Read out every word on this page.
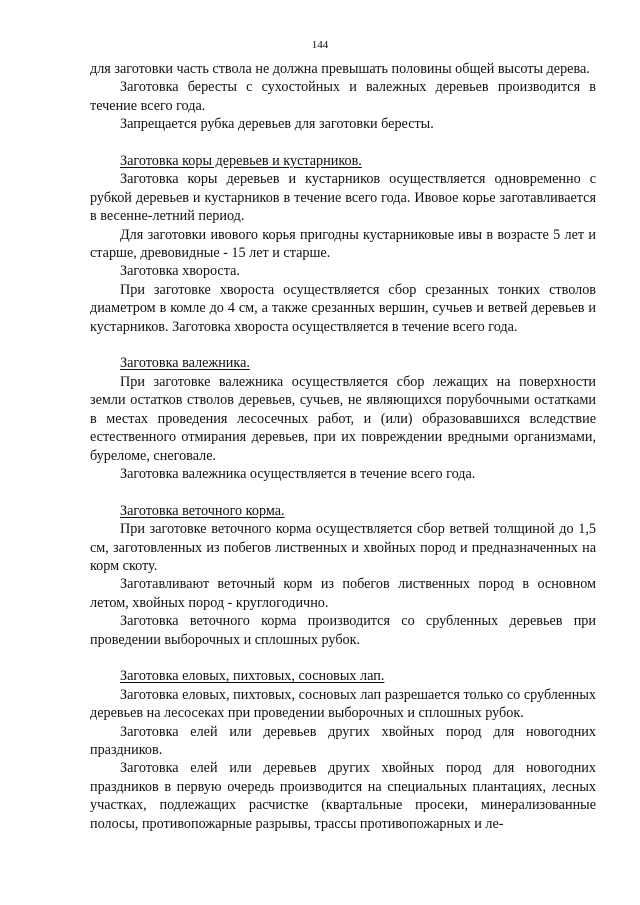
144

для заготовки часть ствола не должна превышать половины общей высоты дерева.

Заготовка бересты с сухостойных и валежных деревьев производится в течение всего года.

Запрещается рубка деревьев для заготовки бересты.

Заготовка коры деревьев и кустарников.

Заготовка коры деревьев и кустарников осуществляется одновременно с рубкой деревьев и кустарников в течение всего года. Ивовое корье заготавливается в весенне-летний период.

Для заготовки ивового корья пригодны кустарниковые ивы в возрасте 5 лет и старше, древовидные - 15 лет и старше.

Заготовка хвороста.

При заготовке хвороста осуществляется сбор срезанных тонких стволов диаметром в комле до 4 см, а также срезанных вершин, сучьев и ветвей деревьев и кустарников. Заготовка хвороста осуществляется в течение всего года.

Заготовка валежника.

При заготовке валежника осуществляется сбор лежащих на поверхности земли остатков стволов деревьев, сучьев, не являющихся порубочными остатками в местах проведения лесосечных работ, и (или) образовавшихся вследствие естественного отмирания деревьев, при их повреждении вредными организмами, буреломе, снеговале.

Заготовка валежника осуществляется в течение всего года.

Заготовка веточного корма.

При заготовке веточного корма осуществляется сбор ветвей толщиной до 1,5 см, заготовленных из побегов лиственных и хвойных пород и предназначенных на корм скоту.

Заготавливают веточный корм из побегов лиственных пород в основном летом, хвойных пород - круглогодично.

Заготовка веточного корма производится со срубленных деревьев при проведении выборочных и сплошных рубок.

Заготовка еловых, пихтовых, сосновых лап.

Заготовка еловых, пихтовых, сосновых лап разрешается только со срубленных деревьев на лесосеках при проведении выборочных и сплошных рубок.

Заготовка елей или деревьев других хвойных пород для новогодних праздников.

Заготовка елей или деревьев других хвойных пород для новогодних праздников в первую очередь производится на специальных плантациях, лесных участках, подлежащих расчистке (квартальные просеки, минерализованные полосы, противопожарные разрывы, трассы противопожарных и ле-
